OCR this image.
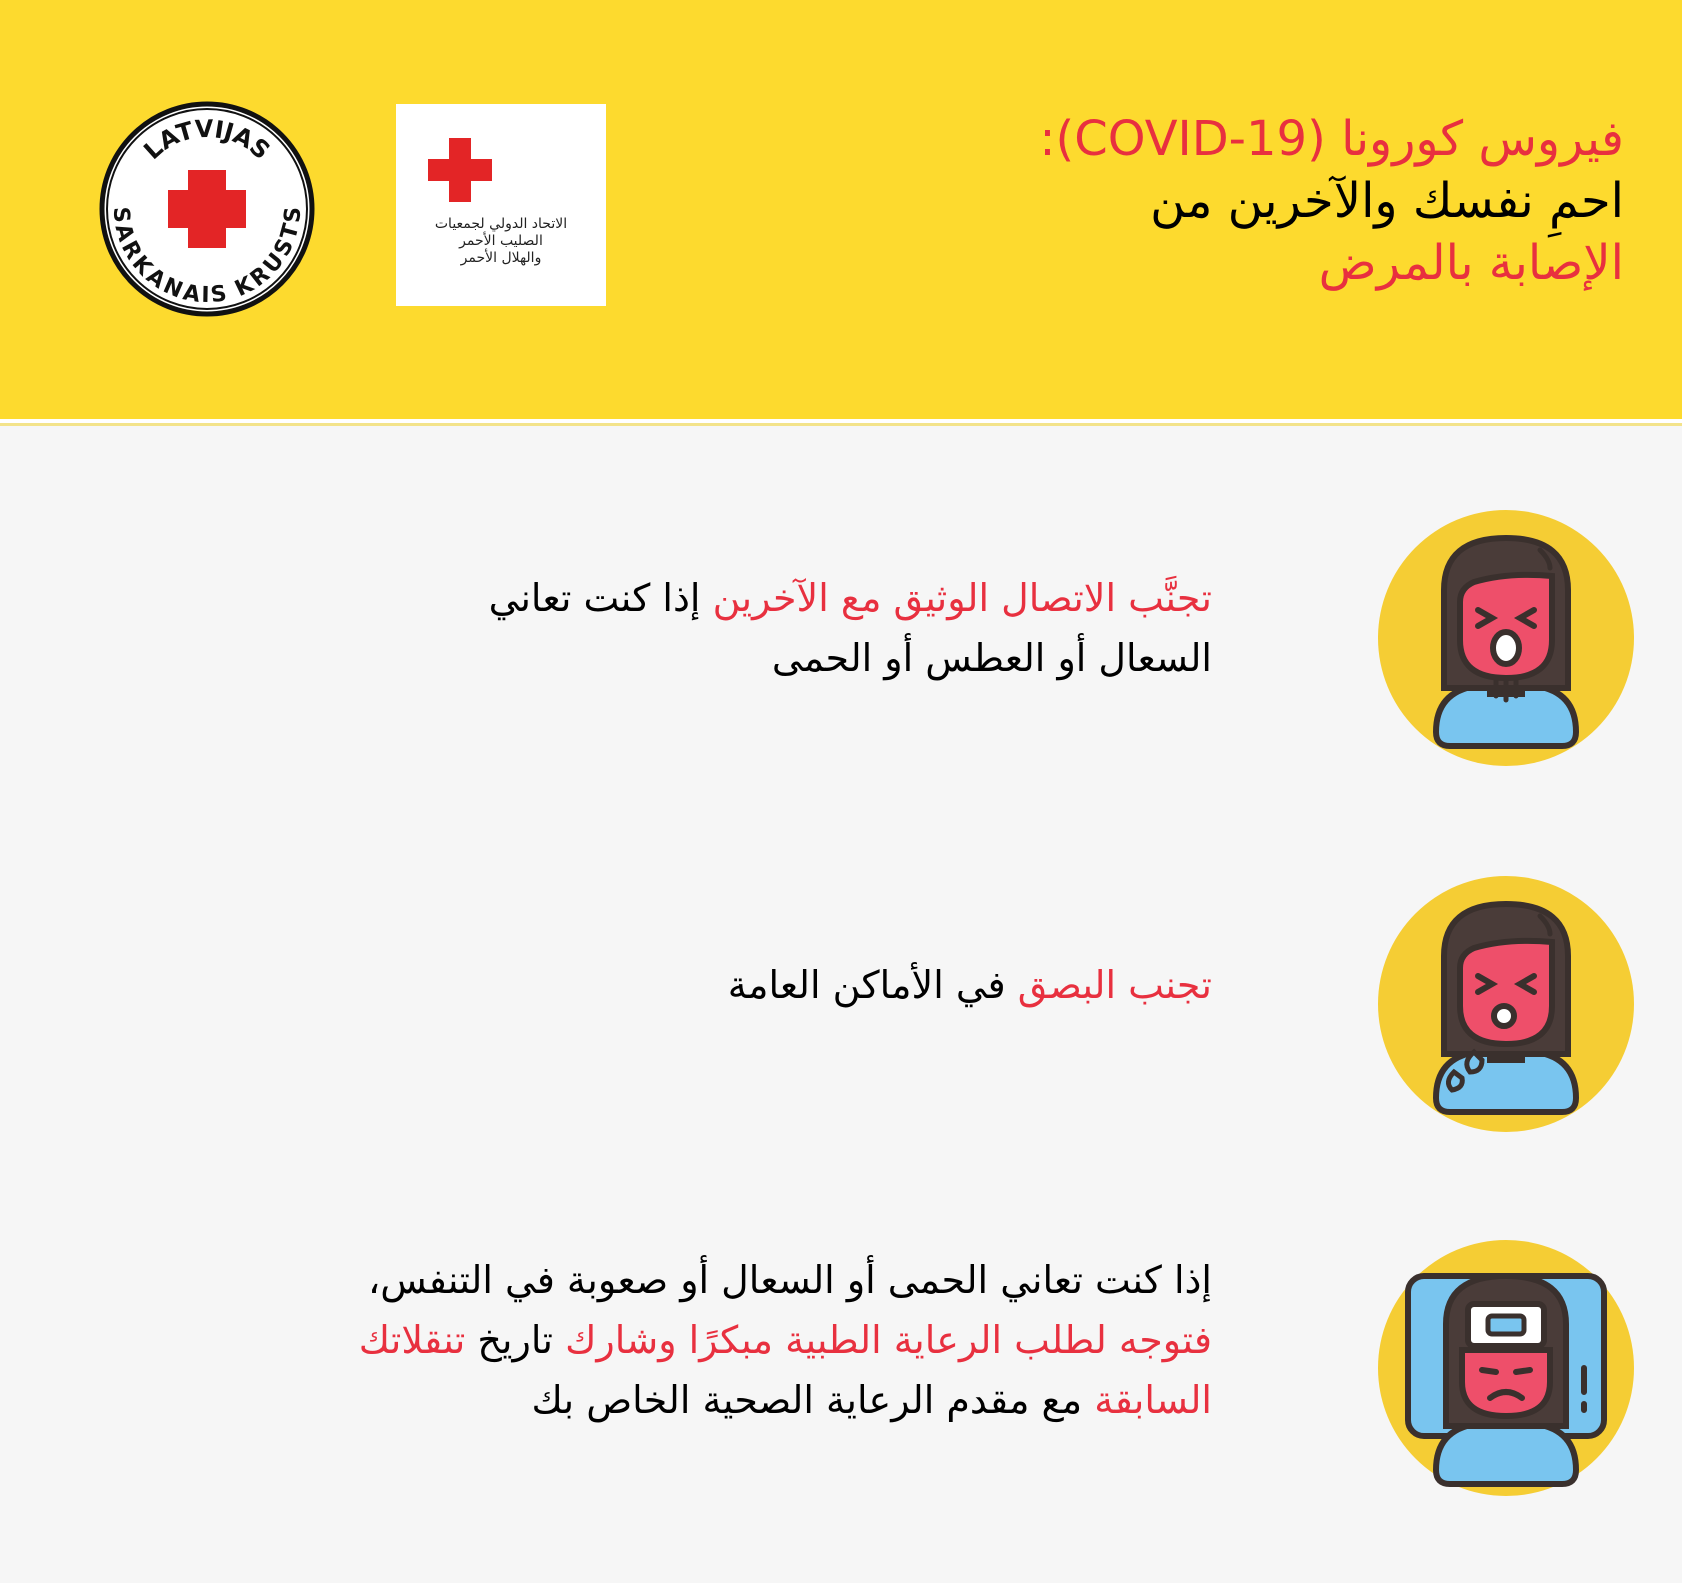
LATVIJAS
SARKANAIS KRUSTS
الاتحاد الدولي لجمعيات
الصليب الأحمر
والهلال الأحمر
فيروس كورونا (COVID-19):
احمِ نفسك والآخرين من
الإصابة بالمرض
تجنَّب الاتصال الوثيق مع الآخرين إذا كنت تعاني
السعال أو العطس أو الحمى
تجنب البصق في الأماكن العامة
إذا كنت تعاني الحمى أو السعال أو صعوبة في التنفس،
فتوجه لطلب الرعاية الطبية مبكرًا وشارك تاريخ تنقلاتك
السابقة مع مقدم الرعاية الصحية الخاص بك
